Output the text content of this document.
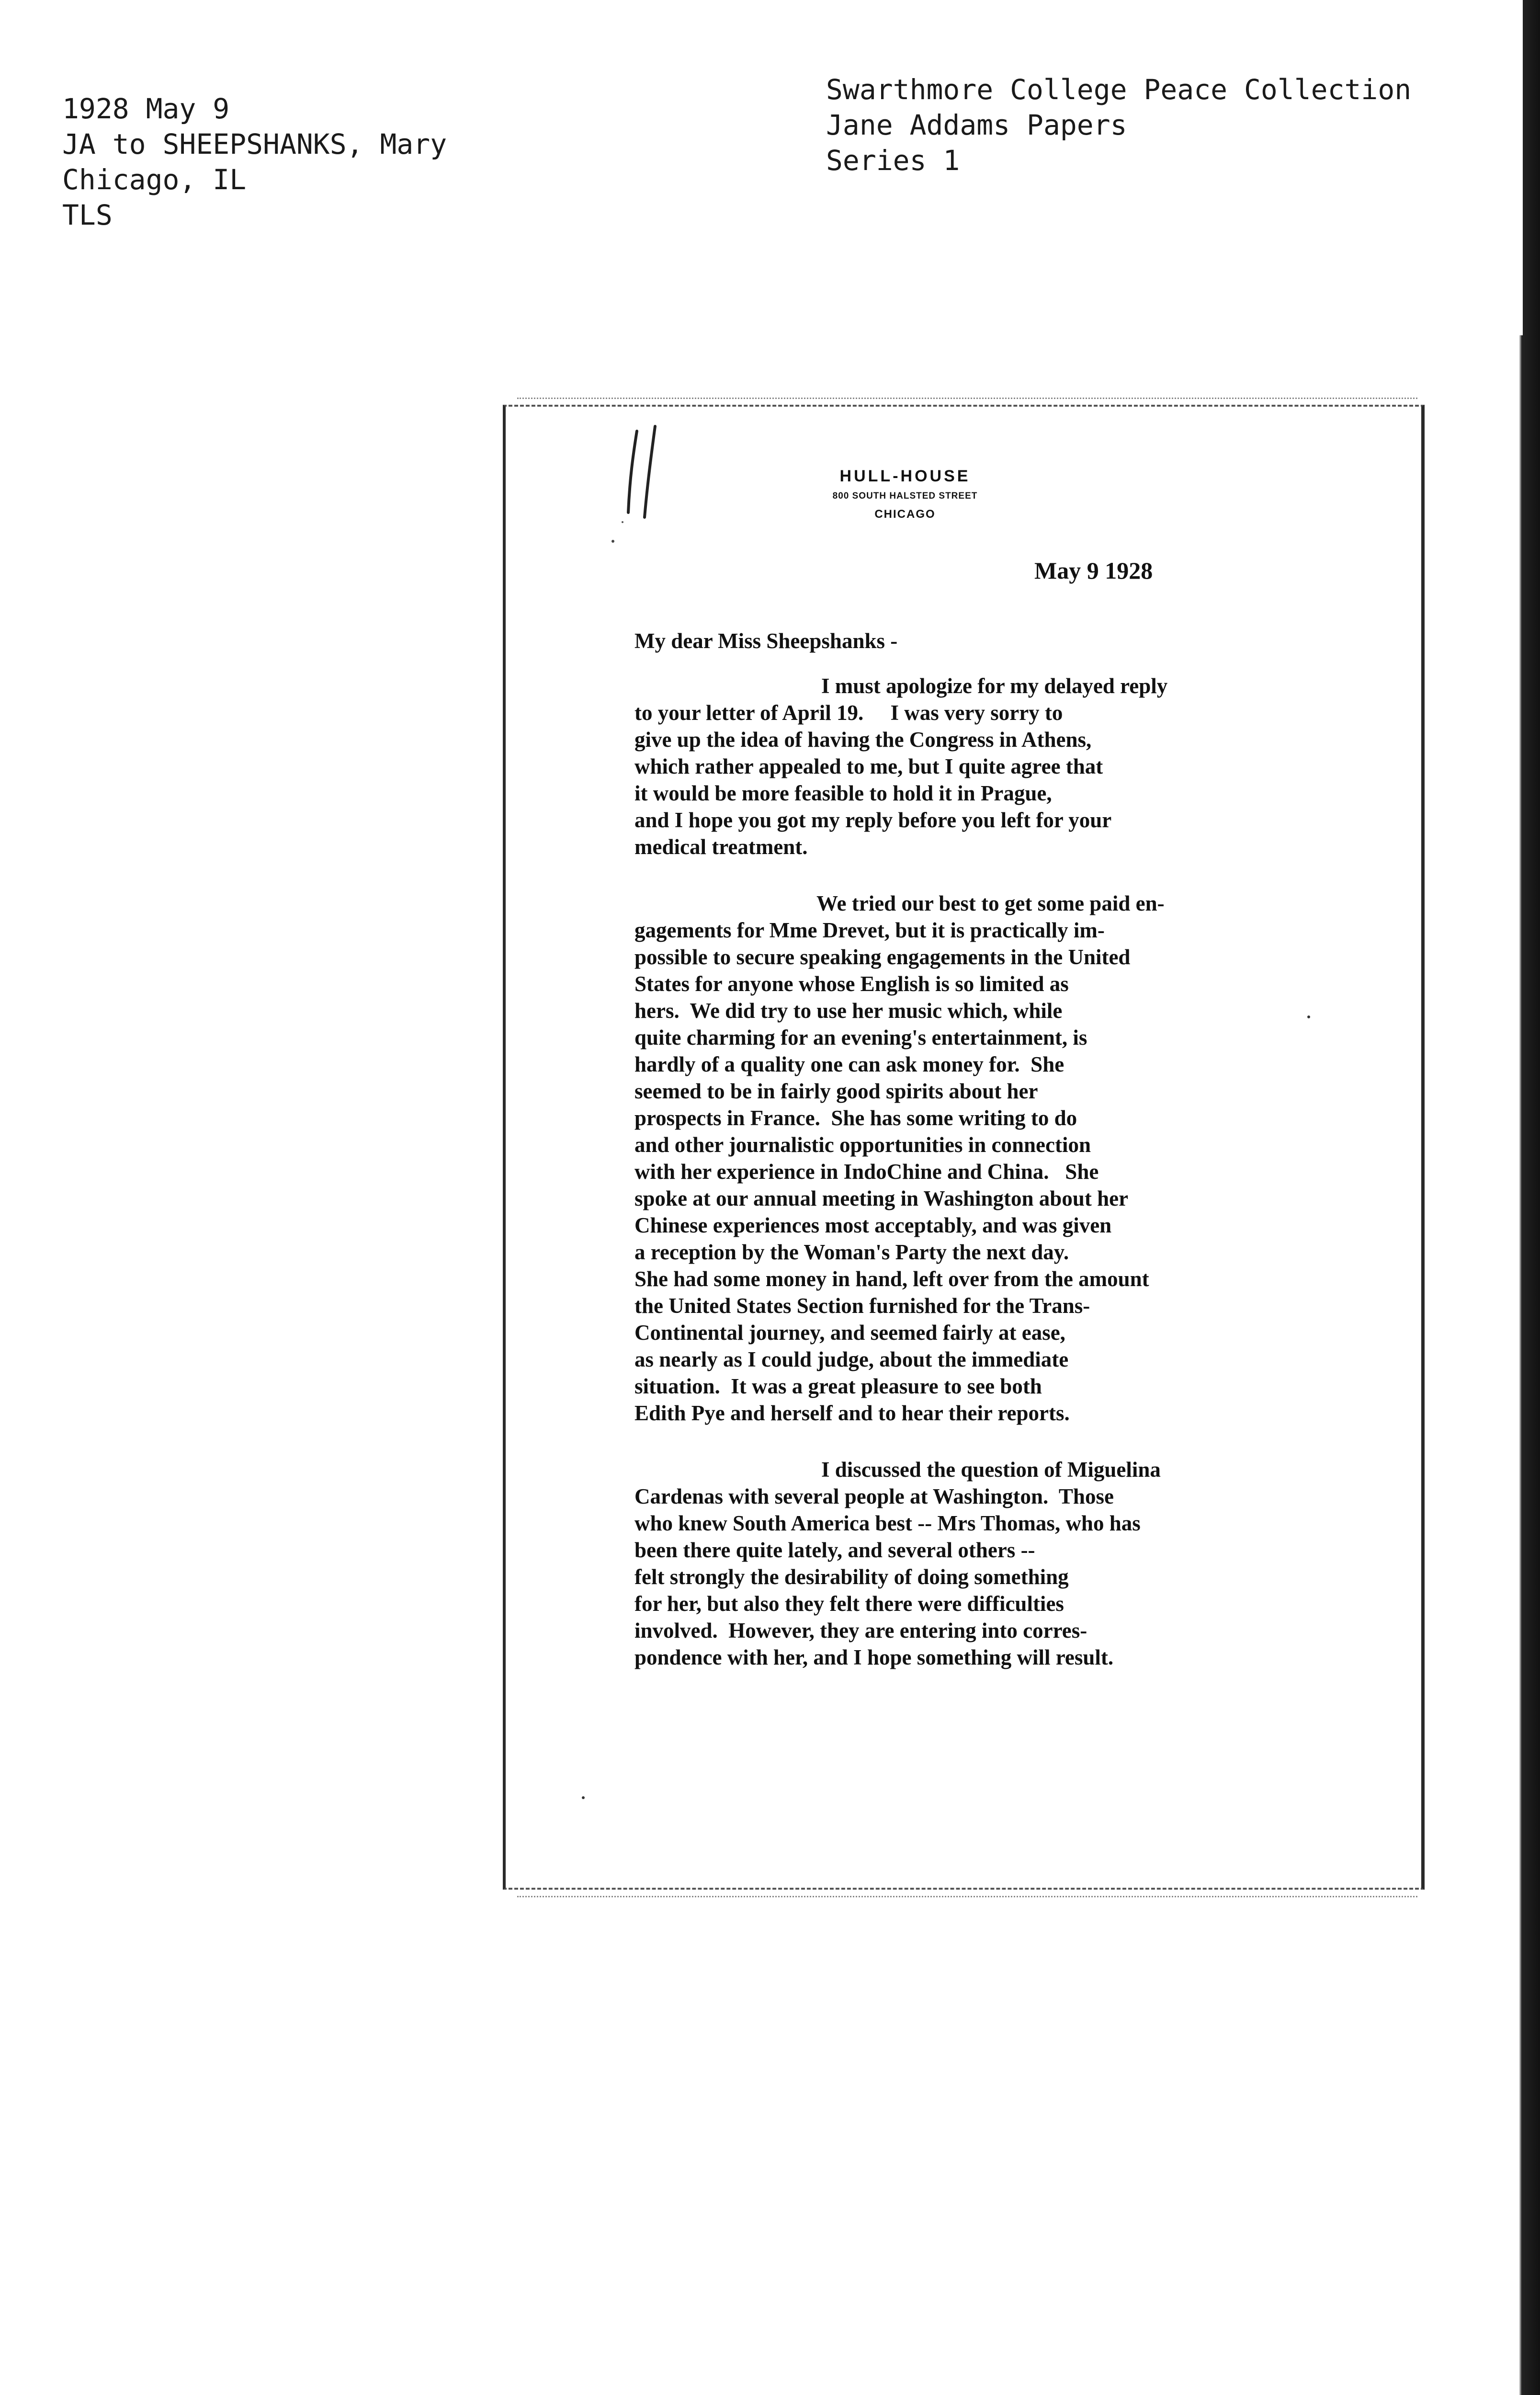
1928 May 9
JA to SHEEPSHANKS, Mary
Chicago, IL
TLS
Swarthmore College Peace Collection
Jane Addams Papers
Series 1
HULL-HOUSE
800 SOUTH HALSTED STREET
CHICAGO
May 9 1928
My dear Miss Sheepshanks -
I must apologize for my delayed reply
to your letter of April 19.     I was very sorry to
give up the idea of having the Congress in Athens,
which rather appealed to me, but I quite agree that
it would be more feasible to hold it in Prague,
and I hope you got my reply before you left for your
medical treatment.
We tried our best to get some paid en-
gagements for Mme Drevet, but it is practically im-
possible to secure speaking engagements in the United
States for anyone whose English is so limited as
hers.  We did try to use her music which, while
quite charming for an evening's entertainment, is
hardly of a quality one can ask money for.  She
seemed to be in fairly good spirits about her
prospects in France.  She has some writing to do
and other journalistic opportunities in connection
with her experience in IndoChine and China.   She
spoke at our annual meeting in Washington about her
Chinese experiences most acceptably, and was given
a reception by the Woman's Party the next day.
She had some money in hand, left over from the amount
the United States Section furnished for the Trans-
Continental journey, and seemed fairly at ease,
as nearly as I could judge, about the immediate
situation.  It was a great pleasure to see both
Edith Pye and herself and to hear their reports.
I discussed the question of Miguelina
Cardenas with several people at Washington.  Those
who knew South America best -- Mrs Thomas, who has
been there quite lately, and several others --
felt strongly the desirability of doing something
for her, but also they felt there were difficulties
involved.  However, they are entering into corres-
pondence with her, and I hope something will result.
